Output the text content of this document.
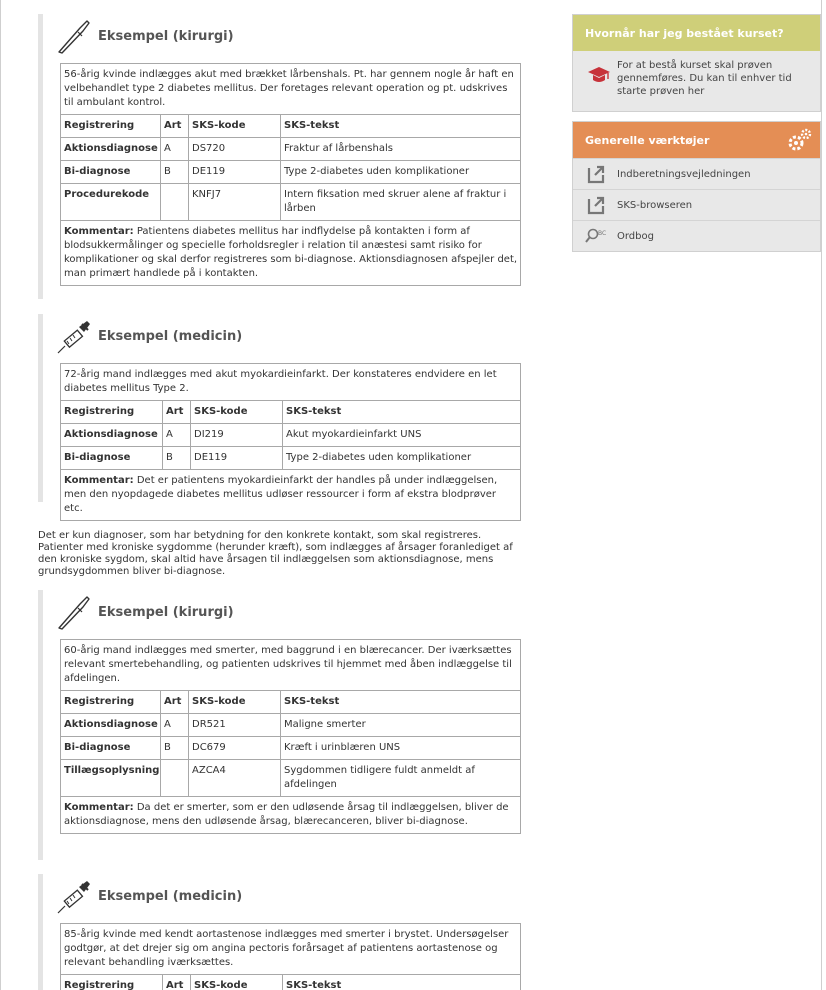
Eksempel (kirurgi)
56-årig kvinde indlægges akut med brækket lårbenshals. Pt. har gennem nogle år haft en velbehandlet type 2 diabetes mellitus. Der foretages relevant operation og pt. udskrives til ambulant kontrol.			
Registrering	Art	SKS-kode	SKS-tekst
Aktionsdiagnose	A	DS720	Fraktur af lårbenshals
Bi-diagnose	B	DE119	Type 2-diabetes uden komplikationer
Procedurekode		KNFJ7	Intern fiksation med skruer alene af fraktur i lårben
Kommentar: Patientens diabetes mellitus har indflydelse på kontakten i form af blodsukkermålinger og specielle forholdsregler i relation til anæstesi samt risiko for komplikationer og skal derfor registreres som bi-diagnose. Aktionsdiagnosen afspejler det, man primært handlede på i kontakten.			
Eksempel (medicin)
72-årig mand indlægges med akut myokardieinfarkt. Der konstateres endvidere en let diabetes mellitus Type 2.			
Registrering	Art	SKS-kode	SKS-tekst
Aktionsdiagnose	A	DI219	Akut myokardieinfarkt UNS
Bi-diagnose	B	DE119	Type 2-diabetes uden komplikationer
Kommentar: Det er patientens myokardieinfarkt der handles på under indlæggelsen, men den nyopdagede diabetes mellitus udløser ressourcer i form af ekstra blodprøver etc.			
Det er kun diagnoser, som har betydning for den konkrete kontakt, som skal registreres. Patienter med kroniske sygdomme (herunder kræft), som indlægges af årsager foranlediget af den kroniske sygdom, skal altid have årsagen til indlæggelsen som aktionsdiagnose, mens grundsygdommen bliver bi-diagnose.
Eksempel (kirurgi)
60-årig mand indlægges med smerter, med baggrund i en blærecancer. Der iværksættes relevant smertebehandling, og patienten udskrives til hjemmet med åben indlæggelse til afdelingen.			
Registrering	Art	SKS-kode	SKS-tekst
Aktionsdiagnose	A	DR521	Maligne smerter
Bi-diagnose	B	DC679	Kræft i urinblæren UNS
Tillægsoplysning		AZCA4	Sygdommen tidligere fuldt anmeldt af afdelingen
Kommentar: Da det er smerter, som er den udløsende årsag til indlæggelsen, bliver de aktionsdiagnose, mens den udløsende årsag, blærecanceren, bliver bi-diagnose.			
Eksempel (medicin)
85-årig kvinde med kendt aortastenose indlægges med smerter i brystet. Undersøgelser godtgør, at det drejer sig om angina pectoris forårsaget af patientens aortastenose og relevant behandling iværksættes.
Registrering	Art	SKS-kode	SKS-tekst
Hvornår har jeg bestået kurset?
For at bestå kurset skal prøven gennemføres. Du kan til enhver tid starte prøven her
Generelle værktøjer
Indberetningsvejledningen
SKS-browseren
BC Ordbog
